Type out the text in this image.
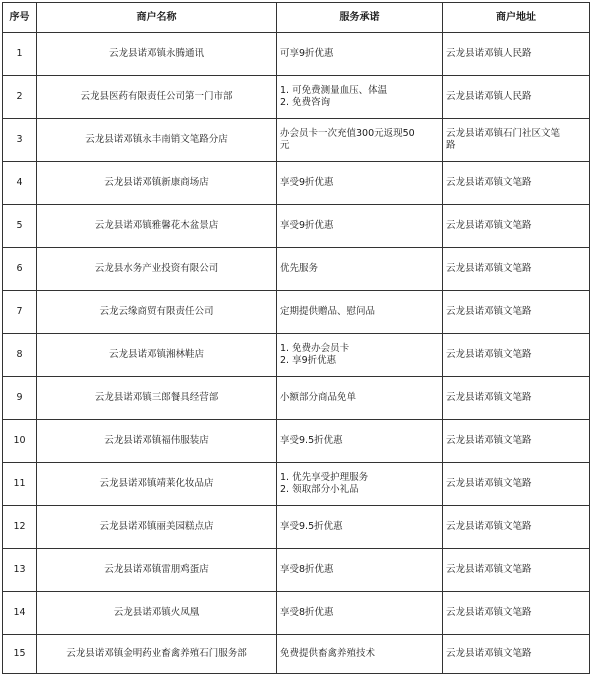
序号	商户名称	服务承诺	商户地址
1	云龙县诺邓镇永腾通讯	可享9折优惠	云龙县诺邓镇人民路

2	云龙县医药有限责任公司第一门市部	1. 可免费测量血压、体温
2. 免费咨询	云龙县诺邓镇人民路

3	云龙县诺邓镇永丰南销文笔路分店	办会员卡一次充值300元返现50
元	云龙县诺邓镇石门社区文笔
路

4	云龙县诺邓镇新康商场店	享受9折优惠	云龙县诺邓镇文笔路

5	云龙县诺邓镇雅馨花木盆景店	享受9折优惠	云龙县诺邓镇文笔路

6	云龙县水务产业投资有限公司	优先服务	云龙县诺邓镇文笔路

7	云龙云缘商贸有限责任公司	定期提供赠品、慰问品	云龙县诺邓镇文笔路

8	云龙县诺邓镇湘林鞋店	1. 免费办会员卡
2. 享9折优惠	云龙县诺邓镇文笔路

9	云龙县诺邓镇三郎餐具经营部	小额部分商品免单	云龙县诺邓镇文笔路

10	云龙县诺邓镇福伟服装店	享受9.5折优惠	云龙县诺邓镇文笔路

11	云龙县诺邓镇靖莱化妆品店	1. 优先享受护理服务
2. 领取部分小礼品	云龙县诺邓镇文笔路

12	云龙县诺邓镇丽美园糕点店	享受9.5折优惠	云龙县诺邓镇文笔路

13	云龙县诺邓镇雷朋鸡蛋店	享受8折优惠	云龙县诺邓镇文笔路

14	云龙县诺邓镇火凤凰	享受8折优惠	云龙县诺邓镇文笔路

15	云龙县诺邓镇金明药业畜禽养殖石门服务部	免费提供畜禽养殖技术	云龙县诺邓镇文笔路
